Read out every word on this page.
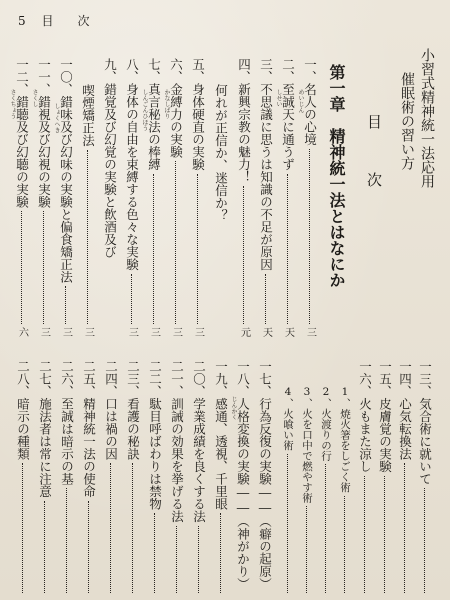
5 目　次
小習式精神統一法応用
催眠術の習い方
目　次
第一章　精神統一法とはなにか
一、名人の心境
三
めいじん
二、至誠天に通うず
天
しせい
三、不思議に思うは知識の不足が原因
天
四、新興宗教の魅力！
元
何れが正信か、迷信か？
五、身体硬直の実験
三
六、金縛力の実験
三
かなしばり
七、真言秘法の棒縛
三
しんごんひほう
八、身体の自由を束縛する色々な実験
三
九、錯覚及び幻覚の実験と飲酒及び
喫煙矯正法
三
一〇、錯味及び幻味の実験と偏食矯正法
三
しょくへき
一一、錯視及び幻視の実験
三
さくし
一二、錯聴及び幻聴の実験
六
さくちょう
一三、気合術に就いて
一四、心気転換法
一五、皮膚覚の実験
一六、火もまた涼し
1、焼火箸をしごく術
2、火渡りの行
3、火を口中で燃やす術
4、火喰い術
一七、行為反復の実験――（癖の起原）
一八、人格変換の実験――（神がかり）
じんかく
一九、感通、透視、千里眼
二〇、学業成績を良くする法
二一、訓誡の効果を挙げる法
二二、駄目呼ばわりは禁物
二三、看護の秘訣
二四、口は禍の因
二五、精神統一法の使命
二六、至誠は暗示の基
二七、施法者は常に注意
二八、暗示の種類
